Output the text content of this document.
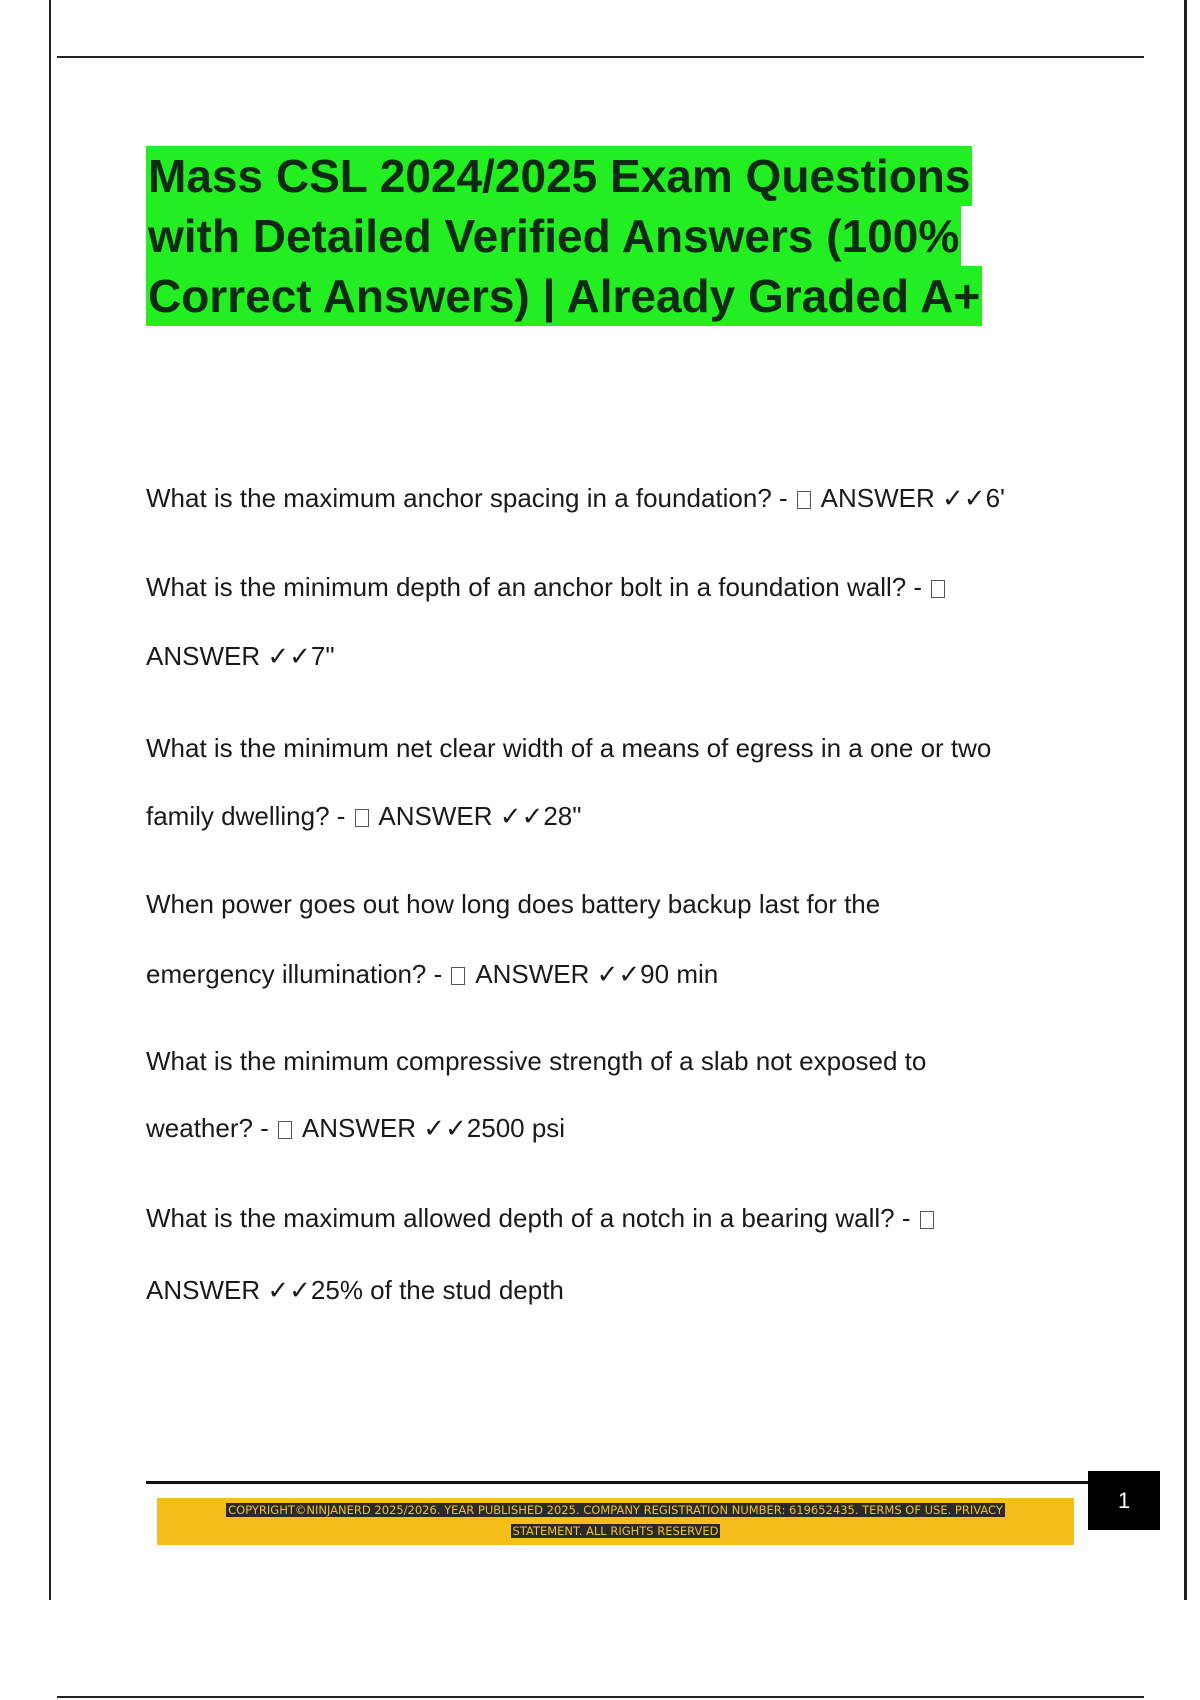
Mass CSL 2024/2025 Exam Questions
with Detailed Verified Answers (100%
Correct Answers) | Already Graded A+
What is the maximum anchor spacing in a foundation? -  ANSWER ✓✓6'
What is the minimum depth of an anchor bolt in a foundation wall? -
ANSWER ✓✓7"
What is the minimum net clear width of a means of egress in a one or two
family dwelling? -  ANSWER ✓✓28"
When power goes out how long does battery backup last for the
emergency illumination? -  ANSWER ✓✓90 min
What is the minimum compressive strength of a slab not exposed to
weather? -  ANSWER ✓✓2500 psi
What is the maximum allowed depth of a notch in a bearing wall? -
ANSWER ✓✓25% of the stud depth
COPYRIGHT©NINJANERD 2025/2026. YEAR PUBLISHED 2025. COMPANY REGISTRATION NUMBER: 619652435. TERMS OF USE. PRIVACY
STATEMENT. ALL RIGHTS RESERVED
1
